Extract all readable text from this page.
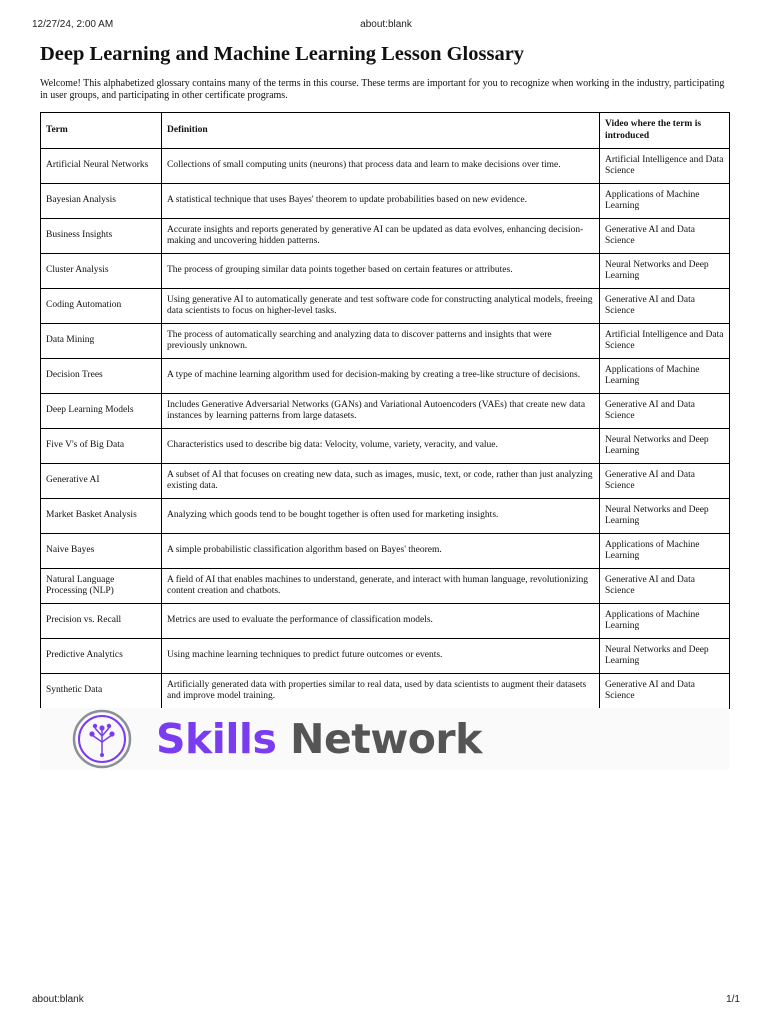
12/27/24, 2:00 AM	about:blank
Deep Learning and Machine Learning Lesson Glossary

Welcome! This alphabetized glossary contains many of the terms in this course. These terms are important for you to recognize when working in the industry, participating in user groups, and participating in other certificate programs.

Term	Definition	Video where the term is introduced
Artificial Neural Networks	Collections of small computing units (neurons) that process data and learn to make decisions over time.	Artificial Intelligence and Data Science
Bayesian Analysis	A statistical technique that uses Bayes' theorem to update probabilities based on new evidence.	Applications of Machine Learning
Business Insights	Accurate insights and reports generated by generative AI can be updated as data evolves, enhancing decision-making and uncovering hidden patterns.	Generative AI and Data Science
Cluster Analysis	The process of grouping similar data points together based on certain features or attributes.	Neural Networks and Deep Learning
Coding Automation	Using generative AI to automatically generate and test software code for constructing analytical models, freeing data scientists to focus on higher-level tasks.	Generative AI and Data Science
Data Mining	The process of automatically searching and analyzing data to discover patterns and insights that were previously unknown.	Artificial Intelligence and Data Science
Decision Trees	A type of machine learning algorithm used for decision-making by creating a tree-like structure of decisions.	Applications of Machine Learning
Deep Learning Models	Includes Generative Adversarial Networks (GANs) and Variational Autoencoders (VAEs) that create new data instances by learning patterns from large datasets.	Generative AI and Data Science
Five V's of Big Data	Characteristics used to describe big data: Velocity, volume, variety, veracity, and value.	Neural Networks and Deep Learning
Generative AI	A subset of AI that focuses on creating new data, such as images, music, text, or code, rather than just analyzing existing data.	Generative AI and Data Science
Market Basket Analysis	Analyzing which goods tend to be bought together is often used for marketing insights.	Neural Networks and Deep Learning
Naive Bayes	A simple probabilistic classification algorithm based on Bayes' theorem.	Applications of Machine Learning
Natural Language Processing (NLP)	A field of AI that enables machines to understand, generate, and interact with human language, revolutionizing content creation and chatbots.	Generative AI and Data Science
Precision vs. Recall	Metrics are used to evaluate the performance of classification models.	Applications of Machine Learning
Predictive Analytics	Using machine learning techniques to predict future outcomes or events.	Neural Networks and Deep Learning
Synthetic Data	Artificially generated data with properties similar to real data, used by data scientists to augment their datasets and improve model training.	Generative AI and Data Science
Skills Network
about:blank	1/1
